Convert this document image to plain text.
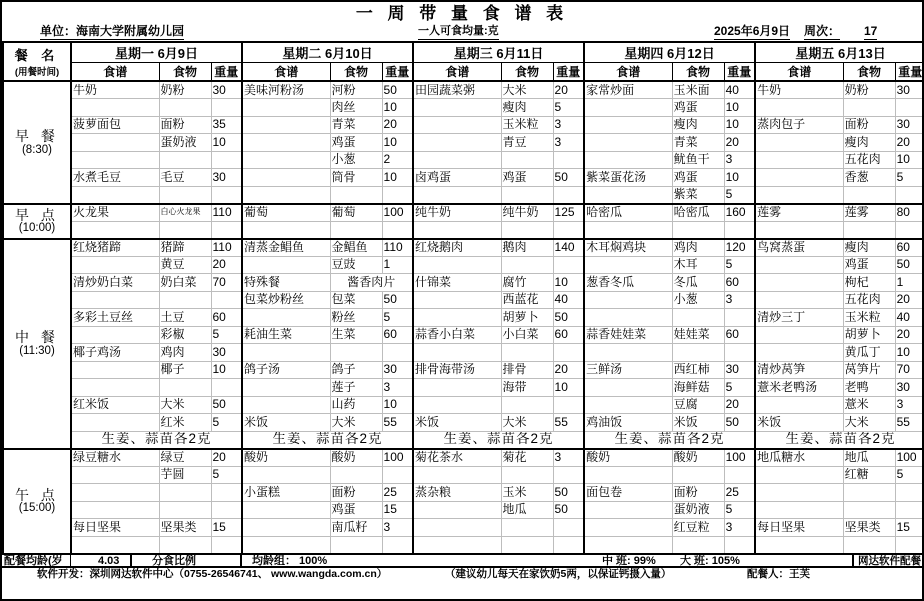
一 周 带 量 食 谱 表
单位：海南大学附属幼儿园	一人可食均量:克	2025年6月9日 周次： 17
餐 名
(用餐时间)	星期一 6月9日			星期二 6月10日			星期三 6月11日			星期四 6月12日			星期五 6月13日		
	食谱	食物	重量	食谱	食物	重量	食谱	食物	重量	食谱	食物	重量	食谱	食物	重量

早 餐
(8:30)	牛奶	奶粉	30	美味河粉汤	河粉	50	田园蔬菜粥	大米	20	家常炒面	玉米面	40	牛奶	奶粉	30
					肉丝	10		瘦肉	5		鸡蛋	10			
	菠萝面包	面粉	35		青菜	20		玉米粒	3		瘦肉	10	蒸肉包子	面粉	30
		蛋奶液	10		鸡蛋	10		青豆	3		青菜	20		瘦肉	20
					小葱	2					鱿鱼干	3		五花肉	10
	水煮毛豆	毛豆	30		筒骨	10	卤鸡蛋	鸡蛋	50	紫菜蛋花汤	鸡蛋	10		香葱	5
											紫菜	5			

早 点
(10:00)	火龙果	白心火龙果	110	葡萄	葡萄	100	纯牛奶	纯牛奶	125	哈密瓜	哈密瓜	160	莲雾	莲雾	80

中 餐
(11:30)	红烧猪蹄	猪蹄	110	清蒸金鲳鱼	金鲳鱼	110	红烧鹅肉	鹅肉	140	木耳焖鸡块	鸡肉	120	鸟窝蒸蛋	瘦肉	60
		黄豆	20		豆豉	1					木耳	5		鸡蛋	50
	清炒奶白菜	奶白菜	70	特殊餐	酱香肉片		什锦菜	腐竹	10	葱香冬瓜	冬瓜	60		枸杞	1
				包菜炒粉丝	包菜	50		西蓝花	40		小葱	3		五花肉	20
	多彩土豆丝	土豆	60		粉丝	5		胡萝卜	50				清炒三丁	玉米粒	40
		彩椒	5	耗油生菜	生菜	60	蒜香小白菜	小白菜	60	蒜香娃娃菜	娃娃菜	60		胡萝卜	20
	椰子鸡汤	鸡肉	30											黄瓜丁	10
		椰子	10	鸽子汤	鸽子	30	排骨海带汤	排骨	20	三鲜汤	西红柿	30	清炒莴笋	莴笋片	70
					莲子	3		海带	10		海鲜菇	5	薏米老鸭汤	老鸭	30
	红米饭	大米	50		山药	10					豆腐	20		薏米	3
		红米	5	米饭	大米	55	米饭	大米	55	鸡油饭	米饭	50	米饭	大米	55
	生姜、蒜苗各2克			生姜、蒜苗各2克			生姜、蒜苗各2克			生姜、蒜苗各2克			生姜、蒜苗各2克		

午 点
(15:00)	绿豆糖水	绿豆	20	酸奶	酸奶	100	菊花茶水	菊花	3	酸奶	酸奶	100	地瓜糖水	地瓜	100
		芋圆	5											红糖	5
				小蛋糕	面粉	25	蒸杂粮	玉米	50	面包卷	面粉	25			
					鸡蛋	15		地瓜	50		蛋奶液	5			
	每日坚果	坚果类	15		南瓜籽	3					红豆粒	3	每日坚果	坚果类	15

配餐均龄(岁	4.03	分食比例	均龄组： 100%	中 班: 99% 大 班: 105%	网达软件配餐
软件开发：深圳网达软件中心（0755-26546741、 www.wangda.com.cn）	（建议幼儿每天在家饮奶5两，以保证钙摄入量）	配餐人：王芙
